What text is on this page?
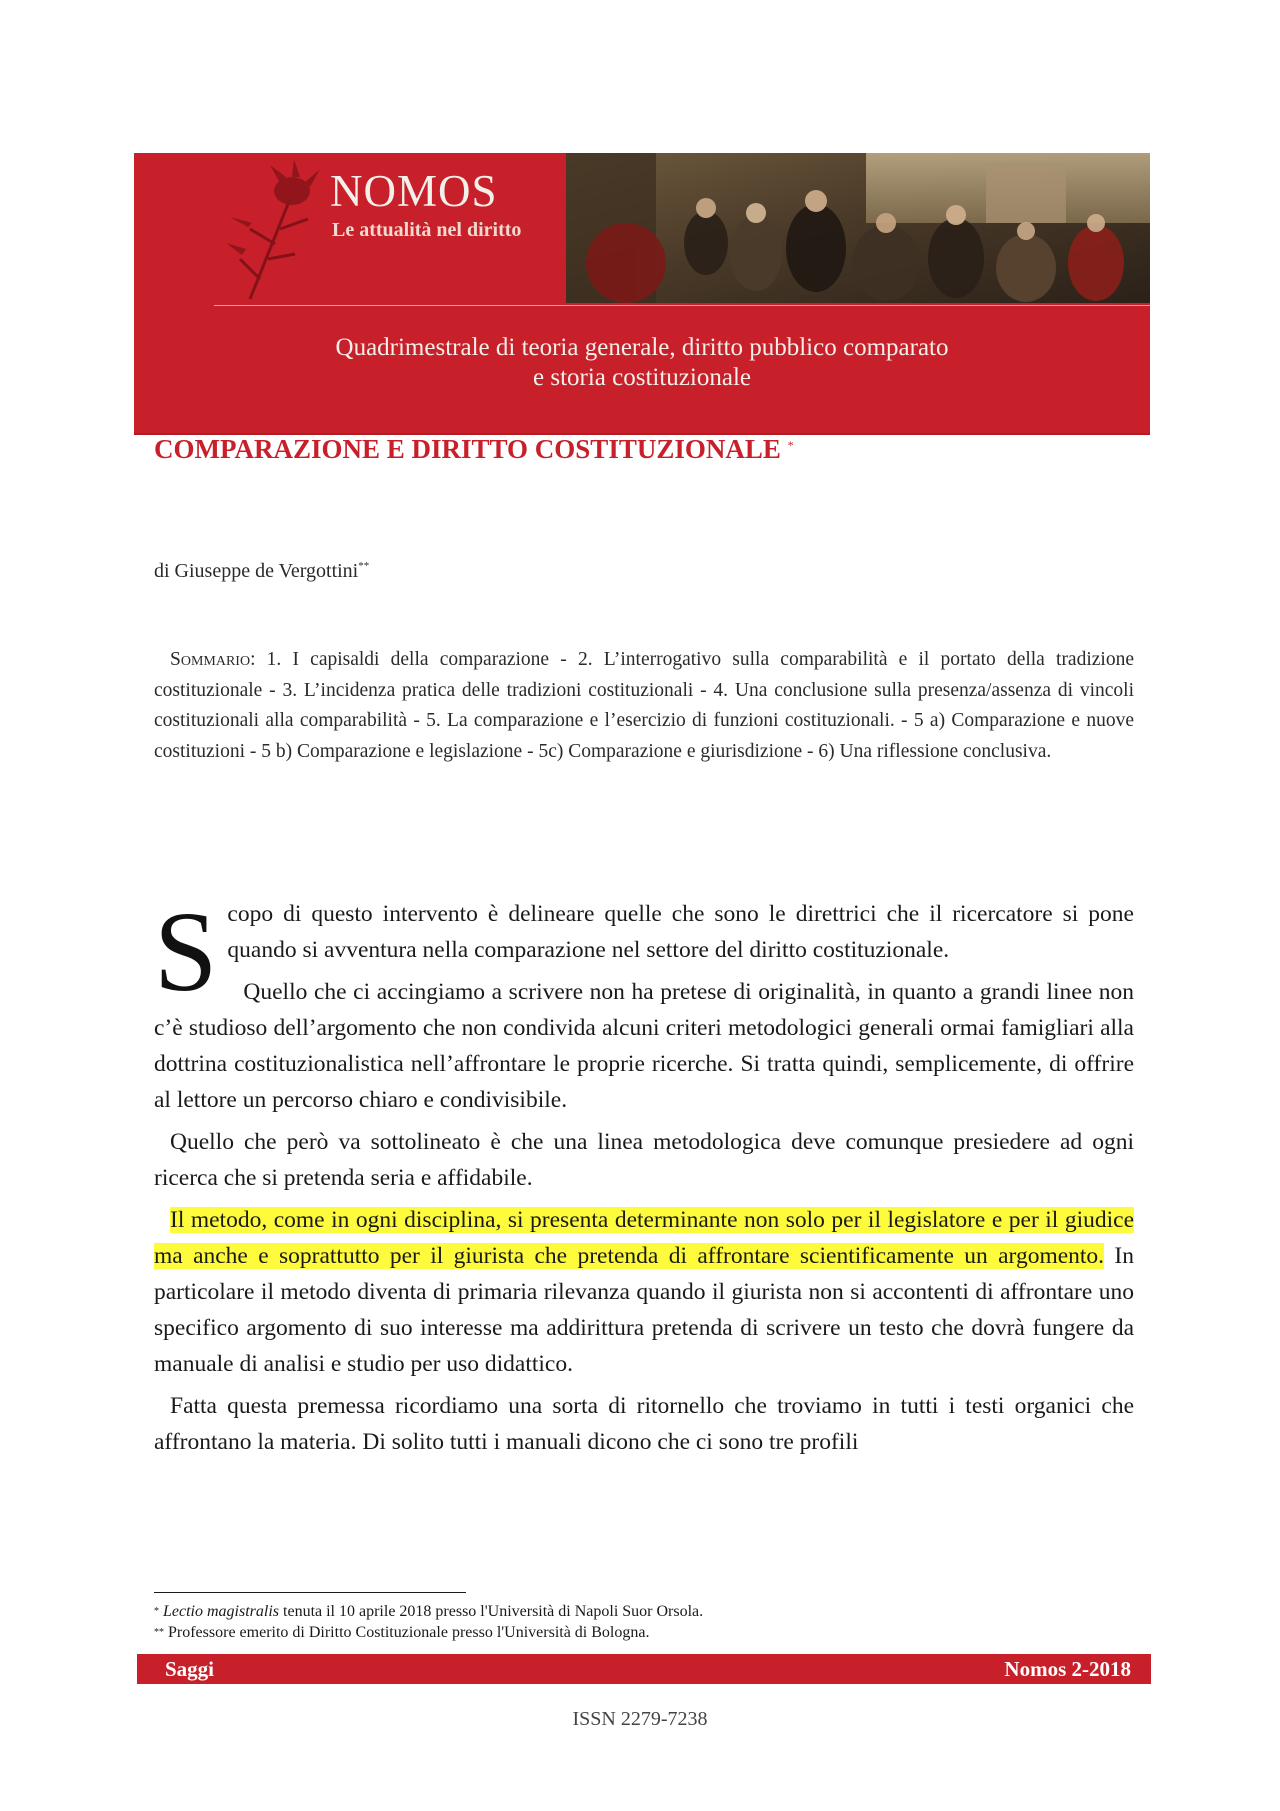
NOMOS
Le attualità nel diritto
Quadrimestrale di teoria generale, diritto pubblico comparato
e storia costituzionale
COMPARAZIONE E DIRITTO COSTITUZIONALE *
di Giuseppe de Vergottini**

Sommario: 1. I capisaldi della comparazione - 2. L’interrogativo sulla comparabilità e il portato della tradizione costituzionale - 3. L’incidenza pratica delle tradizioni costituzionali - 4. Una conclusione sulla presenza/assenza di vincoli costituzionali alla comparabilità - 5. La comparazione e l’esercizio di funzioni costituzionali. - 5 a) Comparazione e nuove costituzioni - 5 b) Comparazione e legislazione - 5c) Comparazione e giurisdizione - 6) Una riflessione conclusiva.

Scopo di questo intervento è delineare quelle che sono le direttrici che il ricercatore si pone quando si avventura nella comparazione nel settore del diritto costituzionale.

Quello che ci accingiamo a scrivere non ha pretese di originalità, in quanto a grandi linee non c’è studioso dell’argomento che non condivida alcuni criteri metodologici generali ormai famigliari alla dottrina costituzionalistica nell’affrontare le proprie ricerche. Si tratta quindi, semplicemente, di offrire al lettore un percorso chiaro e condivisibile.

Quello che però va sottolineato è che una linea metodologica deve comunque presiedere ad ogni ricerca che si pretenda seria e affidabile.

Il metodo, come in ogni disciplina, si presenta determinante non solo per il legislatore e per il giudice ma anche e soprattutto per il giurista che pretenda di affrontare scientificamente un argomento. In particolare il metodo diventa di primaria rilevanza quando il giurista non si accontenti di affrontare uno specifico argomento di suo interesse ma addirittura pretenda di scrivere un testo che dovrà fungere da manuale di analisi e studio per uso didattico.

Fatta questa premessa ricordiamo una sorta di ritornello che troviamo in tutti i testi organici che affrontano la materia. Di solito tutti i manuali dicono che ci sono tre profili

* Lectio magistralis tenuta il 10 aprile 2018 presso l'Università di Napoli Suor Orsola.
** Professore emerito di Diritto Costituzionale presso l'Università di Bologna.
Saggi	Nomos 2-2018
ISSN 2279-7238
